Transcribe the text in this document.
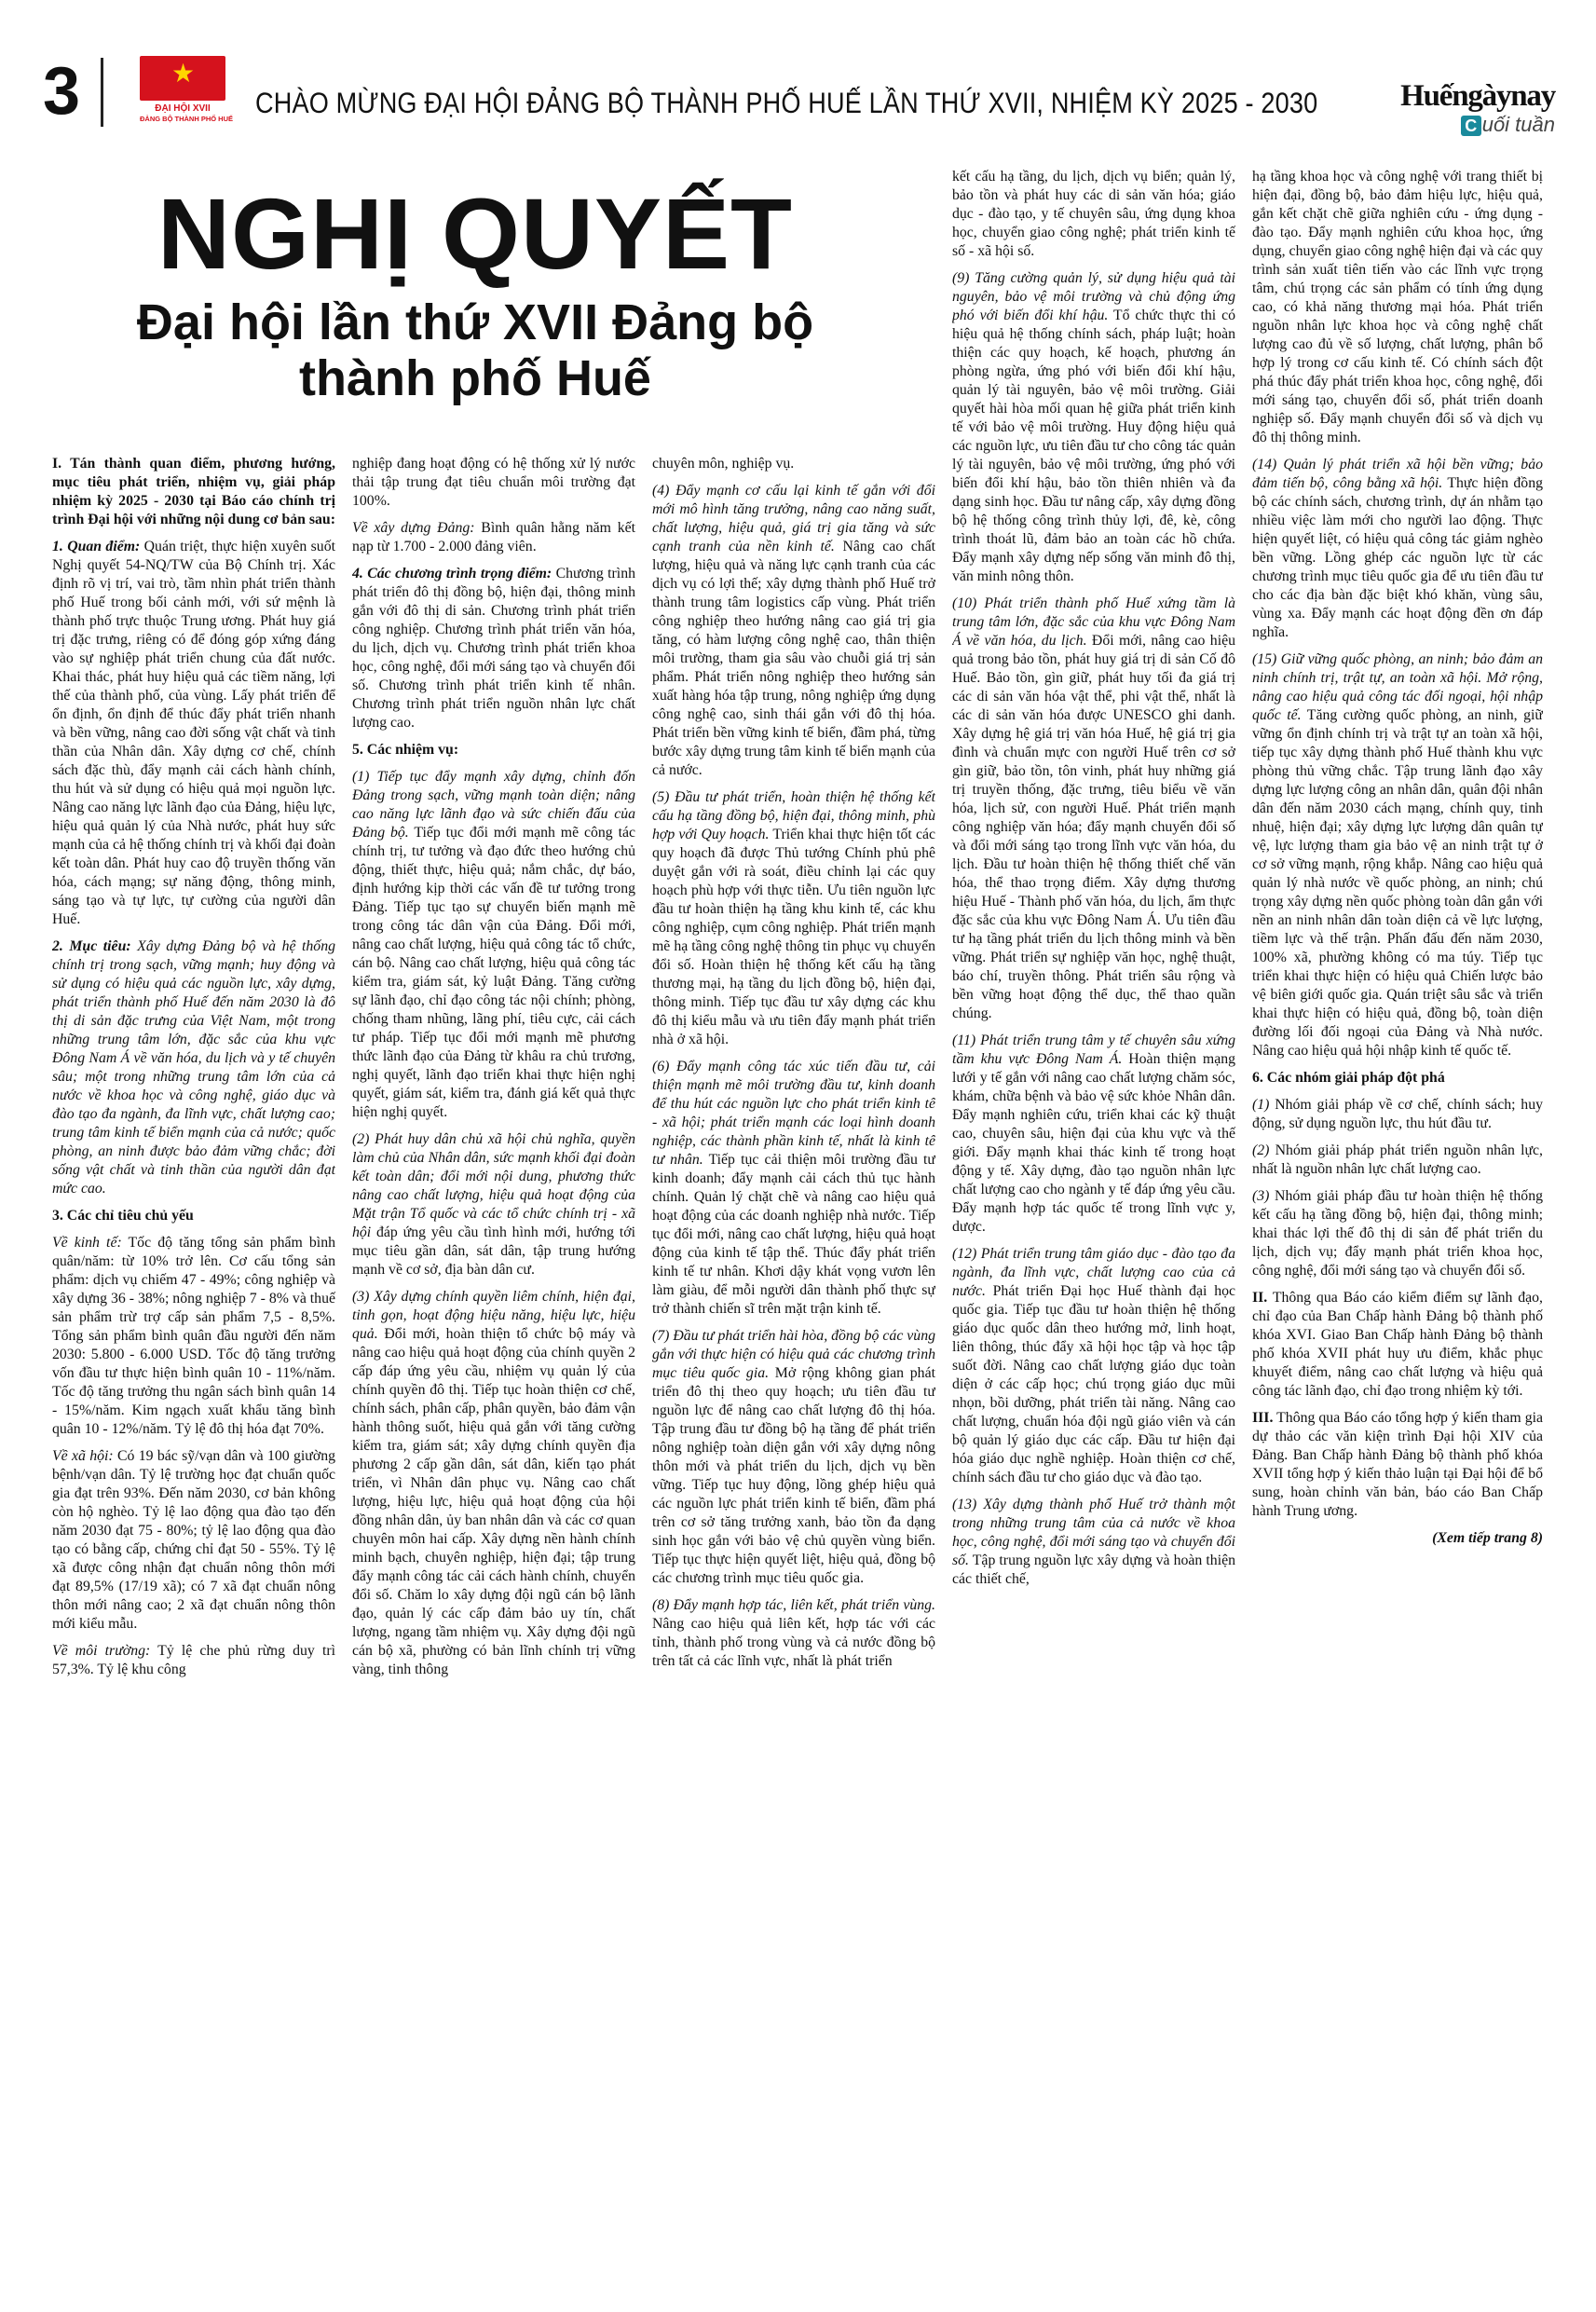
3	★
ĐẠI HỘI XVII
ĐẢNG BỘ THÀNH PHỐ HUẾ CHÀO MỪNG ĐẠI HỘI ĐẢNG BỘ THÀNH PHỐ HUẾ LẦN THỨ XVII, NHIỆM KỲ 2025 - 2030	Huếngàynay
C uối tuần
NGHỊ QUYẾT
Đại hội lần thứ XVII Đảng bộ thành phố Huế

I. Tán thành quan điểm, phương hướng, mục tiêu phát triển, nhiệm vụ, giải pháp nhiệm kỳ 2025 - 2030 tại Báo cáo chính trị trình Đại hội với những nội dung cơ bản sau:

1. Quan điểm: Quán triệt, thực hiện xuyên suốt Nghị quyết 54-NQ/TW của Bộ Chính trị. Xác định rõ vị trí, vai trò, tầm nhìn phát triển thành phố Huế trong bối cảnh mới, với sứ mệnh là thành phố trực thuộc Trung ương. Phát huy giá trị đặc trưng, riêng có để đóng góp xứng đáng vào sự nghiệp phát triển chung của đất nước. Khai thác, phát huy hiệu quả các tiềm năng, lợi thế của thành phố, của vùng. Lấy phát triển để ổn định, ổn định để thúc đẩy phát triển nhanh và bền vững, nâng cao đời sống vật chất và tinh thần của Nhân dân. Xây dựng cơ chế, chính sách đặc thù, đẩy mạnh cải cách hành chính, thu hút và sử dụng có hiệu quả mọi nguồn lực. Nâng cao năng lực lãnh đạo của Đảng, hiệu lực, hiệu quả quản lý của Nhà nước, phát huy sức mạnh của cả hệ thống chính trị và khối đại đoàn kết toàn dân. Phát huy cao độ truyền thống văn hóa, cách mạng; sự năng động, thông minh, sáng tạo và tự lực, tự cường của người dân Huế.

2. Mục tiêu: Xây dựng Đảng bộ và hệ thống chính trị trong sạch, vững mạnh; huy động và sử dụng có hiệu quả các nguồn lực, xây dựng, phát triển thành phố Huế đến năm 2030 là đô thị di sản đặc trưng của Việt Nam, một trong những trung tâm lớn, đặc sắc của khu vực Đông Nam Á về văn hóa, du lịch và y tế chuyên sâu; một trong những trung tâm lớn của cả nước về khoa học và công nghệ, giáo dục và đào tạo đa ngành, đa lĩnh vực, chất lượng cao; trung tâm kinh tế biển mạnh của cả nước; quốc phòng, an ninh được bảo đảm vững chắc; đời sống vật chất và tinh thần của người dân đạt mức cao.

3. Các chỉ tiêu chủ yếu

Về kinh tế: Tốc độ tăng tổng sản phẩm bình quân/năm: từ 10% trở lên. Cơ cấu tổng sản phẩm: dịch vụ chiếm 47 - 49%; công nghiệp và xây dựng 36 - 38%; nông nghiệp 7 - 8% và thuế sản phẩm trừ trợ cấp sản phẩm 7,5 - 8,5%. Tổng sản phẩm bình quân đầu người đến năm 2030: 5.800 - 6.000 USD. Tốc độ tăng trưởng vốn đầu tư thực hiện bình quân 10 - 11%/năm. Tốc độ tăng trưởng thu ngân sách bình quân 14 - 15%/năm. Kim ngạch xuất khẩu tăng bình quân 10 - 12%/năm. Tỷ lệ đô thị hóa đạt 70%.

Về xã hội: Có 19 bác sỹ/vạn dân và 100 giường bệnh/vạn dân. Tỷ lệ trường học đạt chuẩn quốc gia đạt trên 93%. Đến năm 2030, cơ bản không còn hộ nghèo. Tỷ lệ lao động qua đào tạo đến năm 2030 đạt 75 - 80%; tỷ lệ lao động qua đào tạo có bằng cấp, chứng chỉ đạt 50 - 55%. Tỷ lệ xã được công nhận đạt chuẩn nông thôn mới đạt 89,5% (17/19 xã); có 7 xã đạt chuẩn nông thôn mới nâng cao; 2 xã đạt chuẩn nông thôn mới kiểu mẫu.

Về môi trường: Tỷ lệ che phủ rừng duy trì 57,3%. Tỷ lệ khu công

nghiệp đang hoạt động có hệ thống xử lý nước thải tập trung đạt tiêu chuẩn môi trường đạt 100%.

Về xây dựng Đảng: Bình quân hằng năm kết nạp từ 1.700 - 2.000 đảng viên.

4. Các chương trình trọng điểm: Chương trình phát triển đô thị đồng bộ, hiện đại, thông minh gắn với đô thị di sản. Chương trình phát triển công nghiệp. Chương trình phát triển văn hóa, du lịch, dịch vụ. Chương trình phát triển khoa học, công nghệ, đổi mới sáng tạo và chuyển đổi số. Chương trình phát triển kinh tế nhân. Chương trình phát triển nguồn nhân lực chất lượng cao.

5. Các nhiệm vụ:

(1) Tiếp tục đẩy mạnh xây dựng, chỉnh đốn Đảng trong sạch, vững mạnh toàn diện; nâng cao năng lực lãnh đạo và sức chiến đấu của Đảng bộ. Tiếp tục đổi mới mạnh mẽ công tác chính trị, tư tưởng và đạo đức theo hướng chủ động, thiết thực, hiệu quả; nắm chắc, dự báo, định hướng kịp thời các vấn đề tư tưởng trong Đảng. Tiếp tục tạo sự chuyển biến mạnh mẽ trong công tác dân vận của Đảng. Đổi mới, nâng cao chất lượng, hiệu quả công tác tổ chức, cán bộ. Nâng cao chất lượng, hiệu quả công tác kiểm tra, giám sát, kỷ luật Đảng. Tăng cường sự lãnh đạo, chỉ đạo công tác nội chính; phòng, chống tham nhũng, lãng phí, tiêu cực, cải cách tư pháp. Tiếp tục đổi mới mạnh mẽ phương thức lãnh đạo của Đảng từ khâu ra chủ trương, nghị quyết, lãnh đạo triển khai thực hiện nghị quyết, giám sát, kiểm tra, đánh giá kết quả thực hiện nghị quyết.

(2) Phát huy dân chủ xã hội chủ nghĩa, quyền làm chủ của Nhân dân, sức mạnh khối đại đoàn kết toàn dân; đổi mới nội dung, phương thức nâng cao chất lượng, hiệu quả hoạt động của Mặt trận Tổ quốc và các tổ chức chính trị - xã hội đáp ứng yêu cầu tình hình mới, hướng tới mục tiêu gần dân, sát dân, tập trung hướng mạnh về cơ sở, địa bàn dân cư.

(3) Xây dựng chính quyền liêm chính, hiện đại, tinh gọn, hoạt động hiệu năng, hiệu lực, hiệu quả. Đổi mới, hoàn thiện tổ chức bộ máy và nâng cao hiệu quả hoạt động của chính quyền 2 cấp đáp ứng yêu cầu, nhiệm vụ quản lý của chính quyền đô thị. Tiếp tục hoàn thiện cơ chế, chính sách, phân cấp, phân quyền, bảo đảm vận hành thông suốt, hiệu quả gắn với tăng cường kiểm tra, giám sát; xây dựng chính quyền địa phương 2 cấp gần dân, sát dân, kiến tạo phát triển, vì Nhân dân phục vụ. Nâng cao chất lượng, hiệu lực, hiệu quả hoạt động của hội đồng nhân dân, ủy ban nhân dân và các cơ quan chuyên môn hai cấp. Xây dựng nền hành chính minh bạch, chuyên nghiệp, hiện đại; tập trung đẩy mạnh công tác cải cách hành chính, chuyển đổi số. Chăm lo xây dựng đội ngũ cán bộ lãnh đạo, quản lý các cấp đảm bảo uy tín, chất lượng, ngang tầm nhiệm vụ. Xây dựng đội ngũ cán bộ xã, phường có bản lĩnh chính trị vững vàng, tinh thông

chuyên môn, nghiệp vụ.

(4) Đẩy mạnh cơ cấu lại kinh tế gắn với đổi mới mô hình tăng trưởng, nâng cao năng suất, chất lượng, hiệu quả, giá trị gia tăng và sức cạnh tranh của nền kinh tế. Nâng cao chất lượng, hiệu quả và năng lực cạnh tranh của các dịch vụ có lợi thế; xây dựng thành phố Huế trở thành trung tâm logistics cấp vùng. Phát triển công nghiệp theo hướng nâng cao giá trị gia tăng, có hàm lượng công nghệ cao, thân thiện môi trường, tham gia sâu vào chuỗi giá trị sản phẩm. Phát triển nông nghiệp theo hướng sản xuất hàng hóa tập trung, nông nghiệp ứng dụng công nghệ cao, sinh thái gắn với đô thị hóa. Phát triển bền vững kinh tế biển, đầm phá, từng bước xây dựng trung tâm kinh tế biển mạnh của cả nước.

(5) Đầu tư phát triển, hoàn thiện hệ thống kết cấu hạ tầng đồng bộ, hiện đại, thông minh, phù hợp với Quy hoạch. Triển khai thực hiện tốt các quy hoạch đã được Thủ tướng Chính phủ phê duyệt gắn với rà soát, điều chỉnh lại các quy hoạch phù hợp với thực tiễn. Ưu tiên nguồn lực đầu tư hoàn thiện hạ tầng khu kinh tế, các khu công nghiệp, cụm công nghiệp. Phát triển mạnh mẽ hạ tầng công nghệ thông tin phục vụ chuyển đổi số. Hoàn thiện hệ thống kết cấu hạ tầng thương mại, hạ tầng du lịch đồng bộ, hiện đại, thông minh. Tiếp tục đầu tư xây dựng các khu đô thị kiểu mẫu và ưu tiên đẩy mạnh phát triển nhà ở xã hội.

(6) Đẩy mạnh công tác xúc tiến đầu tư, cải thiện mạnh mẽ môi trường đầu tư, kinh doanh để thu hút các nguồn lực cho phát triển kinh tế - xã hội; phát triển mạnh các loại hình doanh nghiệp, các thành phần kinh tế, nhất là kinh tế tư nhân. Tiếp tục cải thiện môi trường đầu tư kinh doanh; đẩy mạnh cải cách thủ tục hành chính. Quản lý chặt chẽ và nâng cao hiệu quả hoạt động của các doanh nghiệp nhà nước. Tiếp tục đổi mới, nâng cao chất lượng, hiệu quả hoạt động của kinh tế tập thể. Thúc đẩy phát triển kinh tế tư nhân. Khơi dậy khát vọng vươn lên làm giàu, để mỗi người dân thành phố thực sự trở thành chiến sĩ trên mặt trận kinh tế.

(7) Đầu tư phát triển hài hòa, đồng bộ các vùng gắn với thực hiện có hiệu quả các chương trình mục tiêu quốc gia. Mở rộng không gian phát triển đô thị theo quy hoạch; ưu tiên đầu tư nguồn lực để nâng cao chất lượng đô thị hóa. Tập trung đầu tư đồng bộ hạ tầng để phát triển nông nghiệp toàn diện gắn với xây dựng nông thôn mới và phát triển du lịch, dịch vụ bền vững. Tiếp tục huy động, lồng ghép hiệu quả các nguồn lực phát triển kinh tế biển, đầm phá trên cơ sở tăng trưởng xanh, bảo tồn đa dạng sinh học gắn với bảo vệ chủ quyền vùng biển. Tiếp tục thực hiện quyết liệt, hiệu quả, đồng bộ các chương trình mục tiêu quốc gia.

(8) Đẩy mạnh hợp tác, liên kết, phát triển vùng. Nâng cao hiệu quả liên kết, hợp tác với các tỉnh, thành phố trong vùng và cả nước đồng bộ trên tất cả các lĩnh vực, nhất là phát triển

kết cấu hạ tầng, du lịch, dịch vụ biển; quản lý, bảo tồn và phát huy các di sản văn hóa; giáo dục - đào tạo, y tế chuyên sâu, ứng dụng khoa học, chuyển giao công nghệ; phát triển kinh tế số - xã hội số.

(9) Tăng cường quản lý, sử dụng hiệu quả tài nguyên, bảo vệ môi trường và chủ động ứng phó với biến đổi khí hậu. Tổ chức thực thi có hiệu quả hệ thống chính sách, pháp luật; hoàn thiện các quy hoạch, kế hoạch, phương án phòng ngừa, ứng phó với biến đổi khí hậu, quản lý tài nguyên, bảo vệ môi trường. Giải quyết hài hòa mối quan hệ giữa phát triển kinh tế với bảo vệ môi trường. Huy động hiệu quả các nguồn lực, ưu tiên đầu tư cho công tác quản lý tài nguyên, bảo vệ môi trường, ứng phó với biến đổi khí hậu, bảo tồn thiên nhiên và đa dạng sinh học. Đầu tư nâng cấp, xây dựng đồng bộ hệ thống công trình thủy lợi, đê, kè, công trình thoát lũ, đảm bảo an toàn các hồ chứa. Đẩy mạnh xây dựng nếp sống văn minh đô thị, văn minh nông thôn.

(10) Phát triển thành phố Huế xứng tầm là trung tâm lớn, đặc sắc của khu vực Đông Nam Á về văn hóa, du lịch. Đổi mới, nâng cao hiệu quả trong bảo tồn, phát huy giá trị di sản Cố đô Huế. Bảo tồn, gìn giữ, phát huy tối đa giá trị các di sản văn hóa vật thể, phi vật thể, nhất là các di sản văn hóa được UNESCO ghi danh. Xây dựng hệ giá trị văn hóa Huế, hệ giá trị gia đình và chuẩn mực con người Huế trên cơ sở gìn giữ, bảo tồn, tôn vinh, phát huy những giá trị truyền thống, đặc trưng, tiêu biểu về văn hóa, lịch sử, con người Huế. Phát triển mạnh công nghiệp văn hóa; đẩy mạnh chuyển đổi số và đổi mới sáng tạo trong lĩnh vực văn hóa, du lịch. Đầu tư hoàn thiện hệ thống thiết chế văn hóa, thể thao trọng điểm. Xây dựng thương hiệu Huế - Thành phố văn hóa, du lịch, ẩm thực đặc sắc của khu vực Đông Nam Á. Ưu tiên đầu tư hạ tầng phát triển du lịch thông minh và bền vững. Phát triển sự nghiệp văn học, nghệ thuật, báo chí, truyền thông. Phát triển sâu rộng và bền vững hoạt động thể dục, thể thao quần chúng.

(11) Phát triển trung tâm y tế chuyên sâu xứng tầm khu vực Đông Nam Á. Hoàn thiện mạng lưới y tế gắn với nâng cao chất lượng chăm sóc, khám, chữa bệnh và bảo vệ sức khỏe Nhân dân. Đẩy mạnh nghiên cứu, triển khai các kỹ thuật cao, chuyên sâu, hiện đại của khu vực và thế giới. Đẩy mạnh khai thác kinh tế trong hoạt động y tế. Xây dựng, đào tạo nguồn nhân lực chất lượng cao cho ngành y tế đáp ứng yêu cầu. Đẩy mạnh hợp tác quốc tế trong lĩnh vực y, dược.

(12) Phát triển trung tâm giáo dục - đào tạo đa ngành, đa lĩnh vực, chất lượng cao của cả nước. Phát triển Đại học Huế thành đại học quốc gia. Tiếp tục đầu tư hoàn thiện hệ thống giáo dục quốc dân theo hướng mở, linh hoạt, liên thông, thúc đẩy xã hội học tập và học tập suốt đời. Nâng cao chất lượng giáo dục toàn diện ở các cấp học; chú trọng giáo dục mũi nhọn, bồi dưỡng, phát triển tài năng. Nâng cao chất lượng, chuẩn hóa đội ngũ giáo viên và cán bộ quản lý giáo dục các cấp. Đầu tư hiện đại hóa giáo dục nghề nghiệp. Hoàn thiện cơ chế, chính sách đầu tư cho giáo dục và đào tạo.

(13) Xây dựng thành phố Huế trở thành một trong những trung tâm của cả nước về khoa học, công nghệ, đổi mới sáng tạo và chuyển đổi số. Tập trung nguồn lực xây dựng và hoàn thiện các thiết chế,

hạ tầng khoa học và công nghệ với trang thiết bị hiện đại, đồng bộ, bảo đảm hiệu lực, hiệu quả, gắn kết chặt chẽ giữa nghiên cứu - ứng dụng - đào tạo. Đẩy mạnh nghiên cứu khoa học, ứng dụng, chuyển giao công nghệ hiện đại và các quy trình sản xuất tiên tiến vào các lĩnh vực trọng tâm, chú trọng các sản phẩm có tính ứng dụng cao, có khả năng thương mại hóa. Phát triển nguồn nhân lực khoa học và công nghệ chất lượng cao đủ về số lượng, chất lượng, phân bổ hợp lý trong cơ cấu kinh tế. Có chính sách đột phá thúc đẩy phát triển khoa học, công nghệ, đổi mới sáng tạo, chuyển đổi số, phát triển doanh nghiệp số. Đẩy mạnh chuyển đổi số và dịch vụ đô thị thông minh.

(14) Quản lý phát triển xã hội bền vững; bảo đảm tiến bộ, công bằng xã hội. Thực hiện đồng bộ các chính sách, chương trình, dự án nhằm tạo nhiều việc làm mới cho người lao động. Thực hiện quyết liệt, có hiệu quả công tác giảm nghèo bền vững. Lồng ghép các nguồn lực từ các chương trình mục tiêu quốc gia để ưu tiên đầu tư cho các địa bàn đặc biệt khó khăn, vùng sâu, vùng xa. Đẩy mạnh các hoạt động đền ơn đáp nghĩa.

(15) Giữ vững quốc phòng, an ninh; bảo đảm an ninh chính trị, trật tự, an toàn xã hội. Mở rộng, nâng cao hiệu quả công tác đối ngoại, hội nhập quốc tế. Tăng cường quốc phòng, an ninh, giữ vững ổn định chính trị và trật tự an toàn xã hội, tiếp tục xây dựng thành phố Huế thành khu vực phòng thủ vững chắc. Tập trung lãnh đạo xây dựng lực lượng công an nhân dân, quân đội nhân dân đến năm 2030 cách mạng, chính quy, tinh nhuệ, hiện đại; xây dựng lực lượng dân quân tự vệ, lực lượng tham gia bảo vệ an ninh trật tự ở cơ sở vững mạnh, rộng khắp. Nâng cao hiệu quả quản lý nhà nước về quốc phòng, an ninh; chú trọng xây dựng nền quốc phòng toàn dân gắn với nền an ninh nhân dân toàn diện cả về lực lượng, tiềm lực và thế trận. Phấn đấu đến năm 2030, 100% xã, phường không có ma túy. Tiếp tục triển khai thực hiện có hiệu quả Chiến lược bảo vệ biên giới quốc gia. Quán triệt sâu sắc và triển khai thực hiện có hiệu quả, đồng bộ, toàn diện đường lối đối ngoại của Đảng và Nhà nước. Nâng cao hiệu quả hội nhập kinh tế quốc tế.

6. Các nhóm giải pháp đột phá

(1) Nhóm giải pháp về cơ chế, chính sách; huy động, sử dụng nguồn lực, thu hút đầu tư.

(2) Nhóm giải pháp phát triển nguồn nhân lực, nhất là nguồn nhân lực chất lượng cao.

(3) Nhóm giải pháp đầu tư hoàn thiện hệ thống kết cấu hạ tầng đồng bộ, hiện đại, thông minh; khai thác lợi thế đô thị di sản để phát triển du lịch, dịch vụ; đẩy mạnh phát triển khoa học, công nghệ, đổi mới sáng tạo và chuyển đổi số.

II. Thông qua Báo cáo kiểm điểm sự lãnh đạo, chỉ đạo của Ban Chấp hành Đảng bộ thành phố khóa XVI. Giao Ban Chấp hành Đảng bộ thành phố khóa XVII phát huy ưu điểm, khắc phục khuyết điểm, nâng cao chất lượng và hiệu quả công tác lãnh đạo, chỉ đạo trong nhiệm kỳ tới.

III. Thông qua Báo cáo tổng hợp ý kiến tham gia dự thảo các văn kiện trình Đại hội XIV của Đảng. Ban Chấp hành Đảng bộ thành phố khóa XVII tổng hợp ý kiến thảo luận tại Đại hội để bổ sung, hoàn chỉnh văn bản, báo cáo Ban Chấp hành Trung ương.

(Xem tiếp trang 8)
